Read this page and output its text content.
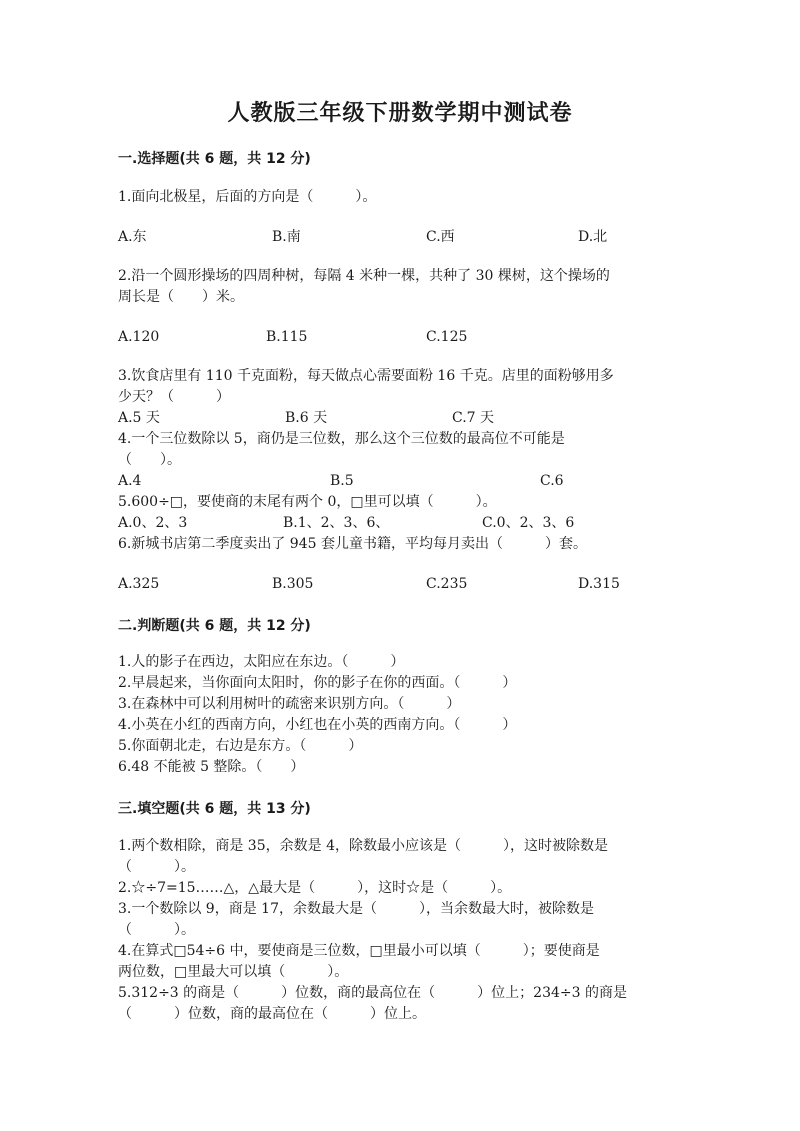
人教版三年级下册数学期中测试卷
一.选择题(共 6 题，共 12 分)
1.面向北极星，后面的方向是（　　　）。
A.东	B.南	C.西	D.北
2.沿一个圆形操场的四周种树，每隔 4 米种一棵，共种了 30 棵树，这个操场的
周长是（　　）米。
A.120	B.115	C.125
3.饮食店里有 110 千克面粉，每天做点心需要面粉 16 千克。店里的面粉够用多
少天？（　　　）
A.5 天	B.6 天	C.7 天
4.一个三位数除以 5，商仍是三位数，那么这个三位数的最高位不可能是
（　　）。
A.4	B.5	C.6
5.600÷□，要使商的末尾有两个 0，□里可以填（　　　）。
A.0、2、3	B.1、2、3、6、	C.0、2、3、6
6.新城书店第二季度卖出了 945 套儿童书籍，平均每月卖出（　　　）套。
A.325	B.305	C.235	D.315
二.判断题(共 6 题，共 12 分)
1.人的影子在西边，太阳应在东边。（　　　）
2.早晨起来，当你面向太阳时，你的影子在你的西面。（　　　）
3.在森林中可以利用树叶的疏密来识别方向。（　　　）
4.小英在小红的西南方向，小红也在小英的西南方向。（　　　）
5.你面朝北走，右边是东方。（　　　）
6.48 不能被 5 整除。（　　）
三.填空题(共 6 题，共 13 分)
1.两个数相除，商是 35，余数是 4，除数最小应该是（　　　），这时被除数是
（　　　）。
2.☆÷7=15……△，△最大是（　　　），这时☆是（　　　）。
3.一个数除以 9，商是 17，余数最大是（　　　），当余数最大时，被除数是
（　　　）。
4.在算式□54÷6 中，要使商是三位数，□里最小可以填（　　　）；要使商是
两位数，□里最大可以填（　　　）。
5.312÷3 的商是（　　　）位数，商的最高位在（　　　）位上；234÷3 的商是
（　　　）位数，商的最高位在（　　　）位上。
